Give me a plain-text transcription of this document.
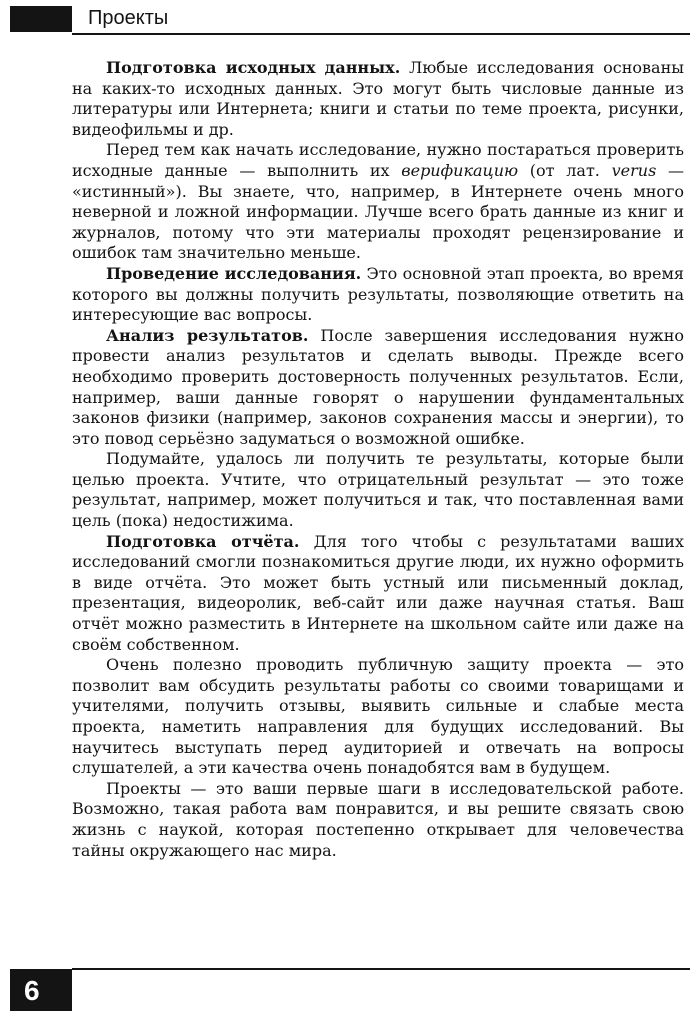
Проекты

Подготовка исходных данных. Любые исследования основаны на каких-то исходных данных. Это могут быть числовые данные из литературы или Интернета; книги и статьи по теме проекта, рисунки, видеофильмы и др.

Перед тем как начать исследование, нужно постараться проверить исходные данные — выполнить их верификацию (от лат. verus — «истинный»). Вы знаете, что, например, в Интернете очень много неверной и ложной информации. Лучше всего брать данные из книг и журналов, потому что эти материалы проходят рецензирование и ошибок там значительно меньше.

Проведение исследования. Это основной этап проекта, во время которого вы должны получить результаты, позволяющие ответить на интересующие вас вопросы.

Анализ результатов. После завершения исследования нужно провести анализ результатов и сделать выводы. Прежде всего необходимо проверить достоверность полученных результатов. Если, например, ваши данные говорят о нарушении фундаментальных законов физики (например, законов сохранения массы и энергии), то это повод серьёзно задуматься о возможной ошибке.

Подумайте, удалось ли получить те результаты, которые были целью проекта. Учтите, что отрицательный результат — это тоже результат, например, может получиться и так, что поставленная вами цель (пока) недостижима.

Подготовка отчёта. Для того чтобы с результатами ваших исследований смогли познакомиться другие люди, их нужно оформить в виде отчёта. Это может быть устный или письменный доклад, презентация, видеоролик, веб-сайт или даже научная статья. Ваш отчёт можно разместить в Интернете на школьном сайте или даже на своём собственном.

Очень полезно проводить публичную защиту проекта — это позволит вам обсудить результаты работы со своими товарищами и учителями, получить отзывы, выявить сильные и слабые места проекта, наметить направления для будущих исследований. Вы научитесь выступать перед аудиторией и отвечать на вопросы слушателей, а эти качества очень понадобятся вам в будущем.

Проекты — это ваши первые шаги в исследовательской работе. Возможно, такая работа вам понравится, и вы решите связать свою жизнь с наукой, которая постепенно открывает для человечества тайны окружающего нас мира.

6
